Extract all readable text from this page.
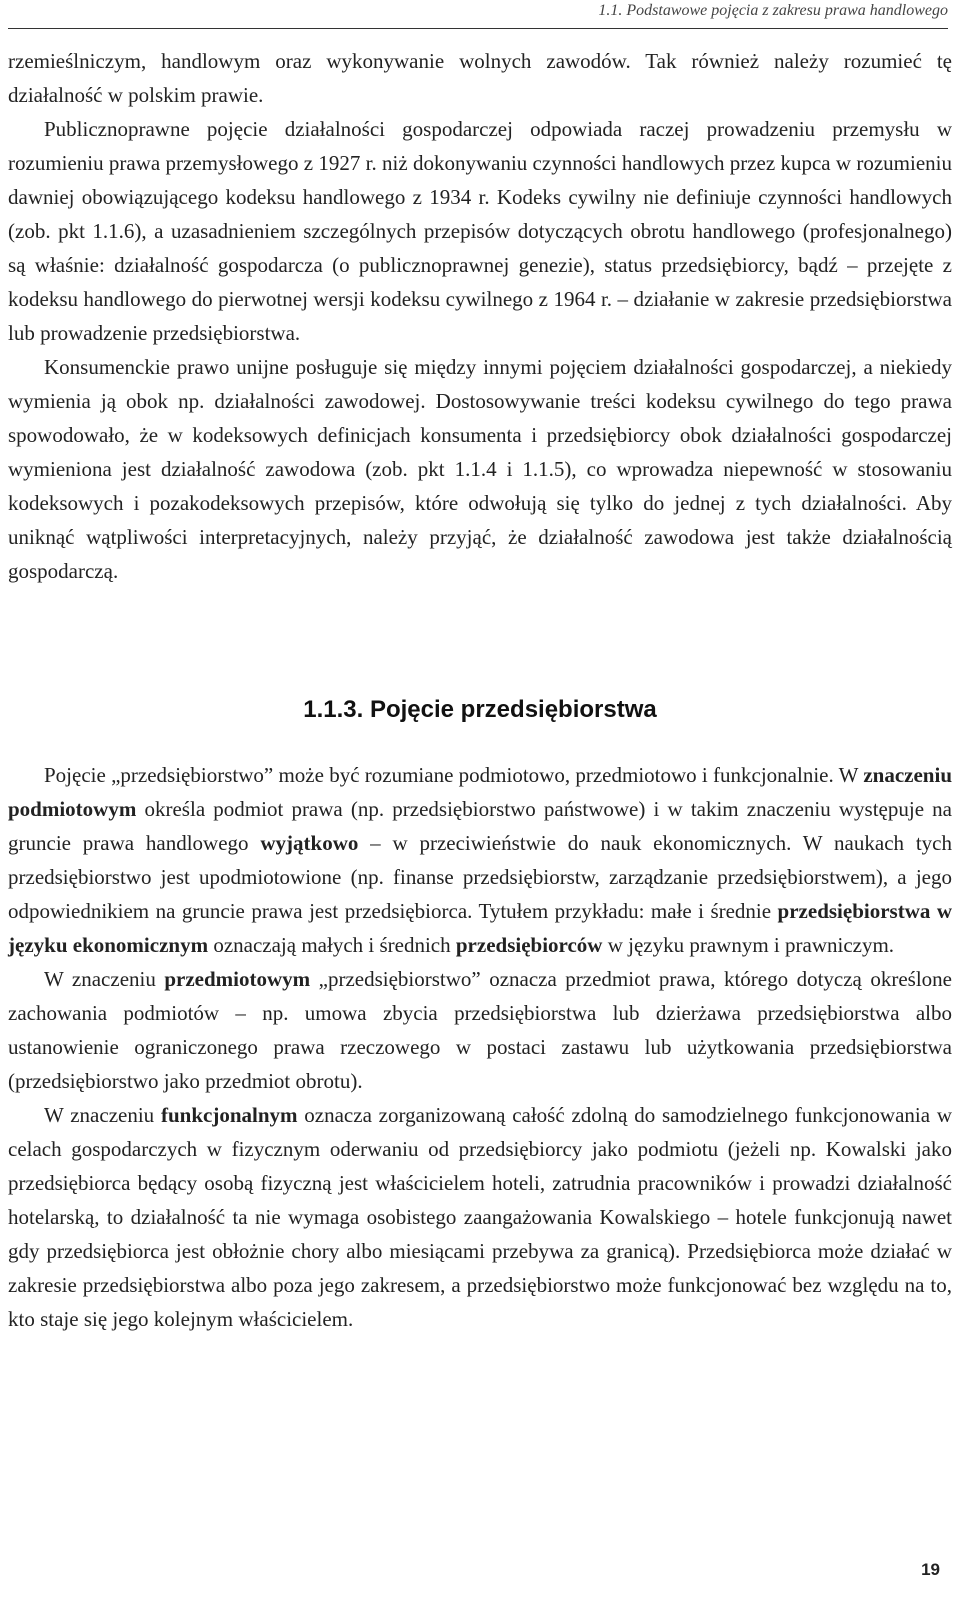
1.1. Podstawowe pojęcia z zakresu prawa handlowego

rzemieślniczym, handlowym oraz wykonywanie wolnych zawodów. Tak również należy rozumieć tę działalność w polskim prawie.

Publicznoprawne pojęcie działalności gospodarczej odpowiada raczej prowadzeniu przemysłu w rozumieniu prawa przemysłowego z 1927 r. niż dokonywaniu czynności handlowych przez kupca w rozumieniu dawniej obowiązującego kodeksu handlowego z 1934 r. Kodeks cywilny nie definiuje czynności handlowych (zob. pkt 1.1.6), a uzasadnieniem szczególnych przepisów dotyczących obrotu handlowego (profesjonalnego) są właśnie: działalność gospodarcza (o publicznoprawnej genezie), status przedsiębiorcy, bądź – przejęte z kodeksu handlowego do pierwotnej wersji kodeksu cywilnego z 1964 r. – działanie w zakresie przedsiębiorstwa lub prowadzenie przedsiębiorstwa.

Konsumenckie prawo unijne posługuje się między innymi pojęciem działalności gospodarczej, a niekiedy wymienia ją obok np. działalności zawodowej. Dostosowywanie treści kodeksu cywilnego do tego prawa spowodowało, że w kodeksowych definicjach konsumenta i przedsiębiorcy obok działalności gospodarczej wymieniona jest działalność zawodowa (zob. pkt 1.1.4 i 1.1.5), co wprowadza niepewność w stosowaniu kodeksowych i pozakodeksowych przepisów, które odwołują się tylko do jednej z tych działalności. Aby uniknąć wątpliwości interpretacyjnych, należy przyjąć, że działalność zawodowa jest także działalnością gospodarczą.

1.1.3. Pojęcie przedsiębiorstwa

Pojęcie „przedsiębiorstwo” może być rozumiane podmiotowo, przedmiotowo i funkcjonalnie. W znaczeniu podmiotowym określa podmiot prawa (np. przedsiębiorstwo państwowe) i w takim znaczeniu występuje na gruncie prawa handlowego wyjątkowo – w przeciwieństwie do nauk ekonomicznych. W naukach tych przedsiębiorstwo jest upodmiotowione (np. finanse przedsiębiorstw, zarządzanie przedsiębiorstwem), a jego odpowiednikiem na gruncie prawa jest przedsiębiorca. Tytułem przykładu: małe i średnie przedsiębiorstwa w języku ekonomicznym oznaczają małych i średnich przedsiębiorców w języku prawnym i prawniczym.

W znaczeniu przedmiotowym „przedsiębiorstwo” oznacza przedmiot prawa, którego dotyczą określone zachowania podmiotów – np. umowa zbycia przedsiębiorstwa lub dzierżawa przedsiębiorstwa albo ustanowienie ograniczonego prawa rzeczowego w postaci zastawu lub użytkowania przedsiębiorstwa (przedsiębiorstwo jako przedmiot obrotu).

W znaczeniu funkcjonalnym oznacza zorganizowaną całość zdolną do samodzielnego funkcjonowania w celach gospodarczych w fizycznym oderwaniu od przedsiębiorcy jako podmiotu (jeżeli np. Kowalski jako przedsiębiorca będący osobą fizyczną jest właścicielem hoteli, zatrudnia pracowników i prowadzi działalność hotelarską, to działalność ta nie wymaga osobistego zaangażowania Kowalskiego – hotele funkcjonują nawet gdy przedsiębiorca jest obłożnie chory albo miesiącami przebywa za granicą). Przedsiębiorca może działać w zakresie przedsiębiorstwa albo poza jego zakresem, a przedsiębiorstwo może funkcjonować bez względu na to, kto staje się jego kolejnym właścicielem.

19
